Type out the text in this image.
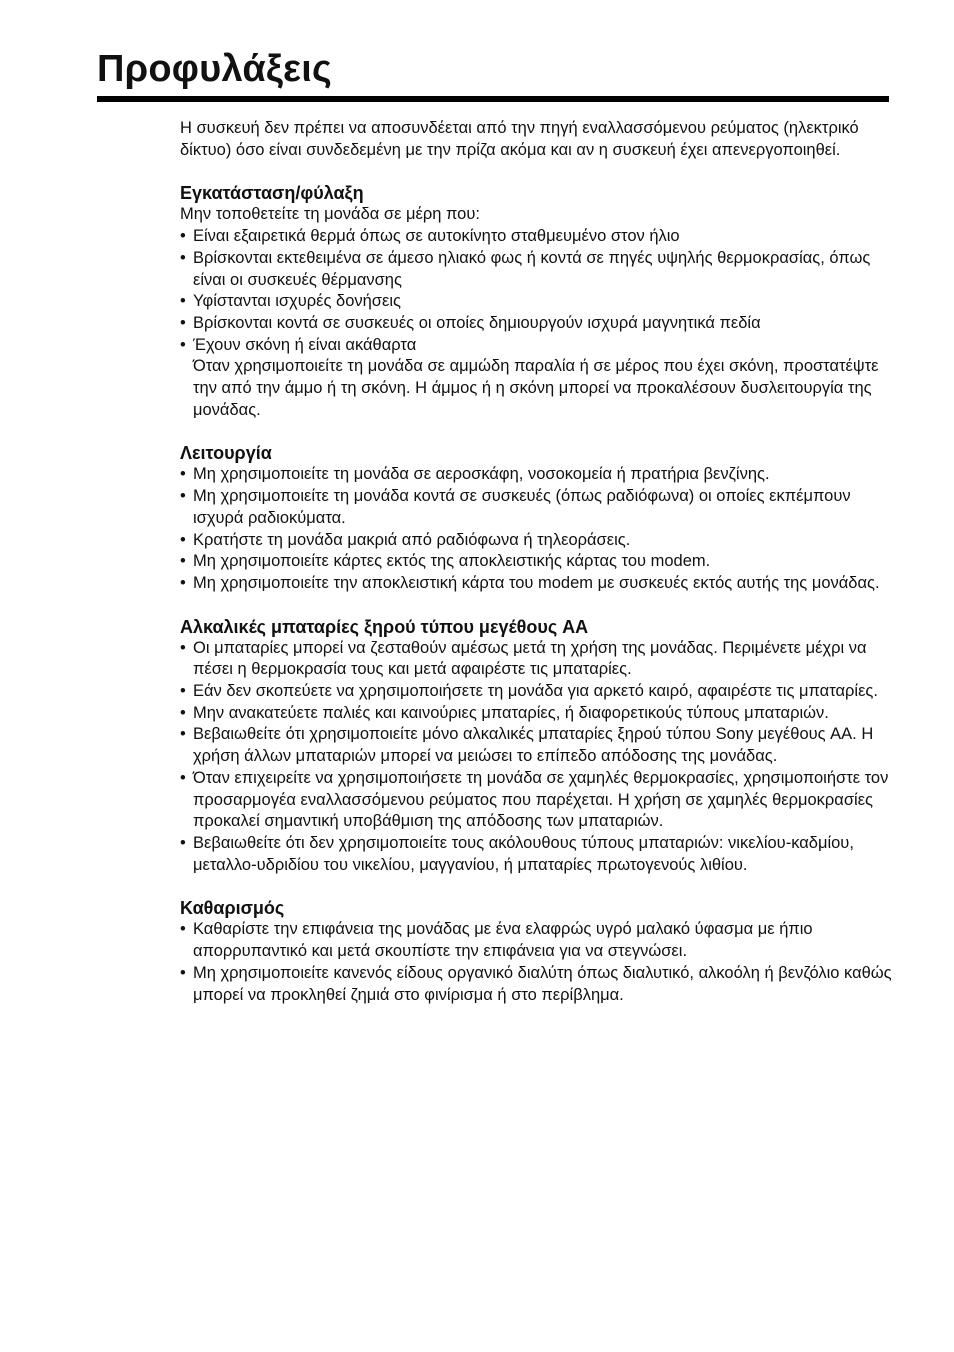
Προφυλάξεις

Η συσκευή δεν πρέπει να αποσυνδέεται από την πηγή εναλλασσόμενου ρεύματος (ηλεκτρικό δίκτυο) όσο είναι συνδεδεμένη με την πρίζα ακόμα και αν η συσκευή έχει απενεργοποιηθεί.

Εγκατάσταση/φύλαξη

Μην τοποθετείτε τη μονάδα σε μέρη που:

• Είναι εξαιρετικά θερμά όπως σε αυτοκίνητο σταθμευμένο στον ήλιο
• Βρίσκονται εκτεθειμένα σε άμεσο ηλιακό φως ή κοντά σε πηγές υψηλής θερμοκρασίας, όπως είναι οι συσκευές θέρμανσης
• Υφίστανται ισχυρές δονήσεις
• Βρίσκονται κοντά σε συσκευές οι οποίες δημιουργούν ισχυρά μαγνητικά πεδία
• Έχουν σκόνη ή είναι ακάθαρτα
Όταν χρησιμοποιείτε τη μονάδα σε αμμώδη παραλία ή σε μέρος που έχει σκόνη, προστατέψτε την από την άμμο ή τη σκόνη. Η άμμος ή η σκόνη μπορεί να προκαλέσουν δυσλειτουργία της μονάδας.
Λειτουργία
• Μη χρησιμοποιείτε τη μονάδα σε αεροσκάφη, νοσοκομεία ή πρατήρια βενζίνης.
• Μη χρησιμοποιείτε τη μονάδα κοντά σε συσκευές (όπως ραδιόφωνα) οι οποίες εκπέμπουν ισχυρά ραδιοκύματα.
• Κρατήστε τη μονάδα μακριά από ραδιόφωνα ή τηλεοράσεις.
• Μη χρησιμοποιείτε κάρτες εκτός της αποκλειστικής κάρτας του modem.
• Μη χρησιμοποιείτε την αποκλειστική κάρτα του modem με συσκευές εκτός αυτής της μονάδας.
Αλκαλικές μπαταρίες ξηρού τύπου μεγέθους AA
• Οι μπαταρίες μπορεί να ζεσταθούν αμέσως μετά τη χρήση της μονάδας. Περιμένετε μέχρι να πέσει η θερμοκρασία τους και μετά αφαιρέστε τις μπαταρίες.
• Εάν δεν σκοπεύετε να χρησιμοποιήσετε τη μονάδα για αρκετό καιρό, αφαιρέστε τις μπαταρίες.
• Μην ανακατεύετε παλιές και καινούριες μπαταρίες, ή διαφορετικούς τύπους μπαταριών.
• Βεβαιωθείτε ότι χρησιμοποιείτε μόνο αλκαλικές μπαταρίες ξηρού τύπου Sony μεγέθους AA. Η χρήση άλλων μπαταριών μπορεί να μειώσει το επίπεδο απόδοσης της μονάδας.
• Όταν επιχειρείτε να χρησιμοποιήσετε τη μονάδα σε χαμηλές θερμοκρασίες, χρησιμοποιήστε τον προσαρμογέα εναλλασσόμενου ρεύματος που παρέχεται. Η χρήση σε χαμηλές θερμοκρασίες προκαλεί σημαντική υποβάθμιση της απόδοσης των μπαταριών.
• Βεβαιωθείτε ότι δεν χρησιμοποιείτε τους ακόλουθους τύπους μπαταριών: νικελίου-καδμίου, μεταλλο-υδριδίου του νικελίου, μαγγανίου, ή μπαταρίες πρωτογενούς λιθίου.
Καθαρισμός
• Καθαρίστε την επιφάνεια της μονάδας με ένα ελαφρώς υγρό μαλακό ύφασμα με ήπιο απορρυπαντικό και μετά σκουπίστε την επιφάνεια για να στεγνώσει.
• Μη χρησιμοποιείτε κανενός είδους οργανικό διαλύτη όπως διαλυτικό, αλκοόλη ή βενζόλιο καθώς μπορεί να προκληθεί ζημιά στο φινίρισμα ή στο περίβλημα.
